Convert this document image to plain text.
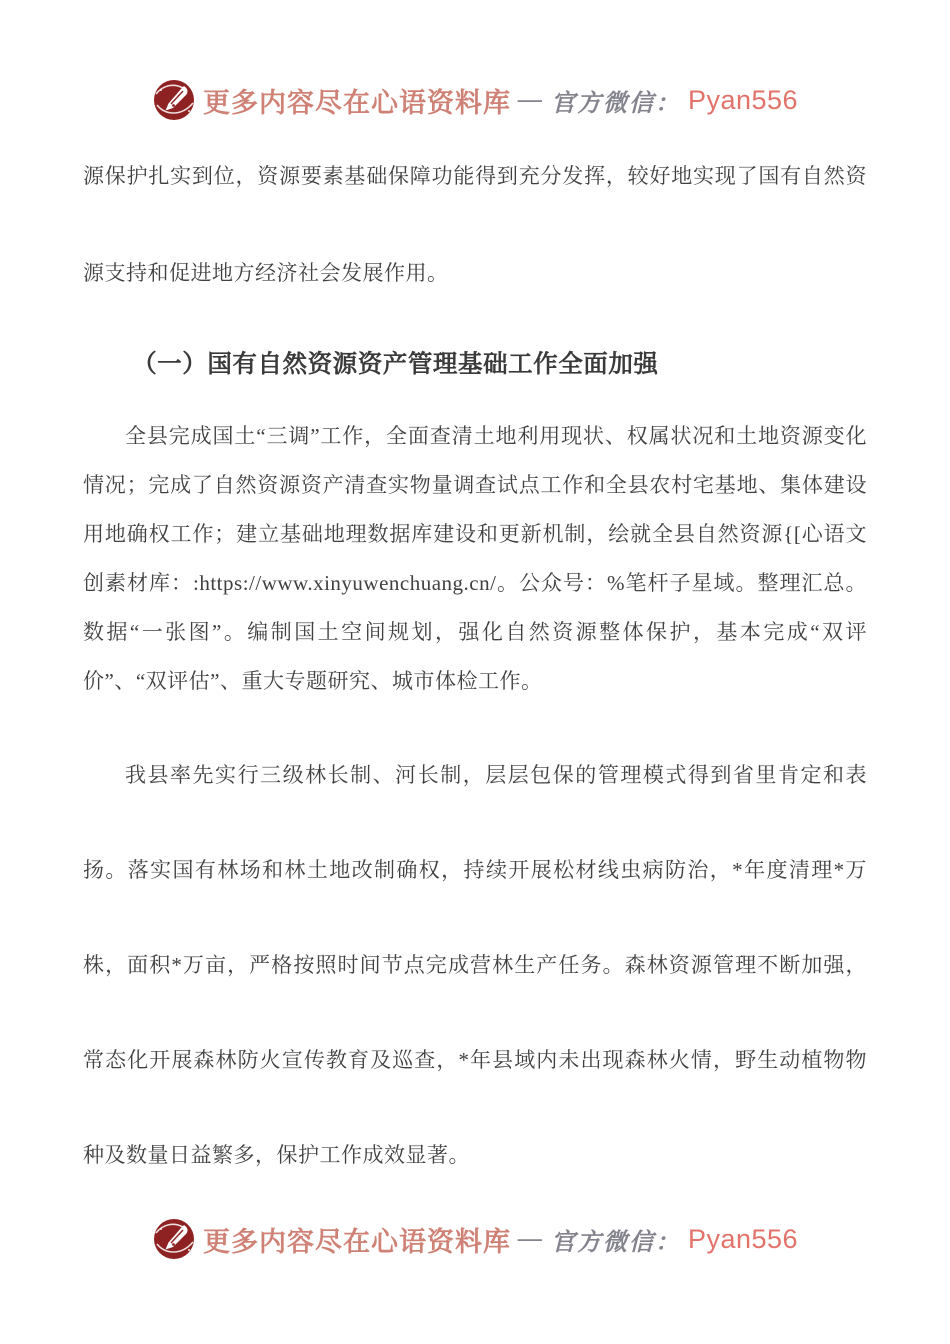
更多内容尽在心语资料库 — 官方微信： Pyan556

源保护扎实到位，资源要素基础保障功能得到充分发挥，较好地实现了国有自然资源支持和促进地方经济社会发展作用。

（一）国有自然资源资产管理基础工作全面加强

全县完成国土“三调”工作，全面查清土地利用现状、权属状况和土地资源变化情况；完成了自然资源资产清查实物量调查试点工作和全县农村宅基地、集体建设用地确权工作；建立基础地理数据库建设和更新机制，绘就全县自然资源{[心语文创素材库：:https://www.xinyuwenchuang.cn/。公众号：%笔杆子星域。整理汇总。数据“一张图”。编制国土空间规划，强化自然资源整体保护，基本完成“双评价”、“双评估”、重大专题研究、城市体检工作。

我县率先实行三级林长制、河长制，层层包保的管理模式得到省里肯定和表扬。落实国有林场和林土地改制确权，持续开展松材线虫病防治，*年度清理*万株，面积*万亩，严格按照时间节点完成营林生产任务。森林资源管理不断加强，常态化开展森林防火宣传教育及巡查，*年县域内未出现森林火情，野生动植物物种及数量日益繁多，保护工作成效显著。

更多内容尽在心语资料库 — 官方微信： Pyan556
